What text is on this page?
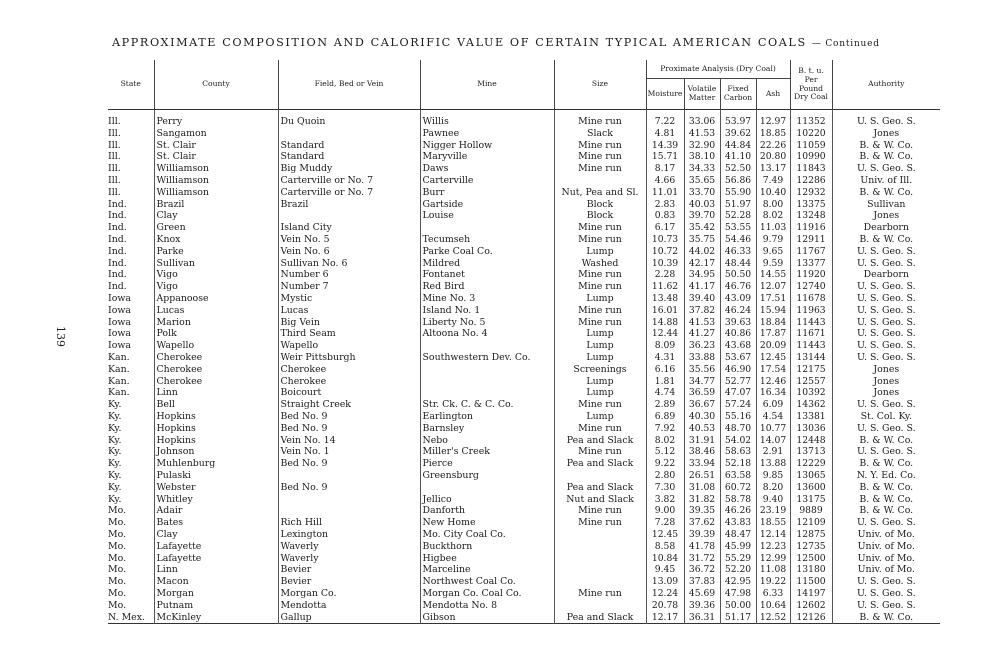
APPROXIMATE COMPOSITION AND CALORIFIC VALUE OF CERTAIN TYPICAL AMERICAN COALS — Continued
139
State	County	Field, Bed or Vein	Mine	Size	Proximate Analysis (Dry Coal)				B. t. u. Per Pound Dry Coal	Authority
					Moisture	Volatile Matter	Fixed Carbon	Ash		
Ill.	Perry	Du Quoin	Willis	Mine run	7.22	33.06	53.97	12.97	11352	U. S. Geo. S.
Ill.	Sangamon		Pawnee	Slack	4.81	41.53	39.62	18.85	10220	Jones
Ill.	St. Clair	Standard	Nigger Hollow	Mine run	14.39	32.90	44.84	22.26	11059	B. & W. Co.
Ill.	St. Clair	Standard	Maryville	Mine run	15.71	38.10	41.10	20.80	10990	B. & W. Co.
Ill.	Williamson	Big Muddy	Daws	Mine run	8.17	34.33	52.50	13.17	11843	U. S. Geo. S.
Ill.	Williamson	Carterville or No. 7	Carterville		4.66	35.65	56.86	7.49	12286	Univ. of Ill.
Ill.	Williamson	Carterville or No. 7	Burr	Nut, Pea and Sl.	11.01	33.70	55.90	10.40	12932	B. & W. Co.
Ind.	Brazil	Brazil	Gartside	Block	2.83	40.03	51.97	8.00	13375	Sullivan
Ind.	Clay		Louise	Block	0.83	39.70	52.28	8.02	13248	Jones
Ind.	Green	Island City		Mine run	6.17	35.42	53.55	11.03	11916	Dearborn
Ind.	Knox	Vein No. 5	Tecumseh	Mine run	10.73	35.75	54.46	9.79	12911	B. & W. Co.
Ind.	Parke	Vein No. 6	Parke Coal Co.	Lump	10.72	44.02	46.33	9.65	11767	U. S. Geo. S.
Ind.	Sullivan	Sullivan No. 6	Mildred	Washed	10.39	42.17	48.44	9.59	13377	U. S. Geo. S.
Ind.	Vigo	Number 6	Fontanet	Mine run	2.28	34.95	50.50	14.55	11920	Dearborn
Ind.	Vigo	Number 7	Red Bird	Mine run	11.62	41.17	46.76	12.07	12740	U. S. Geo. S.
Iowa	Appanoose	Mystic	Mine No. 3	Lump	13.48	39.40	43.09	17.51	11678	U. S. Geo. S.
Iowa	Lucas	Lucas	Island No. 1	Mine run	16.01	37.82	46.24	15.94	11963	U. S. Geo. S.
Iowa	Marion	Big Vein	Liberty No. 5	Mine run	14.88	41.53	39.63	18.84	11443	U. S. Geo. S.
Iowa	Polk	Third Seam	Altoona No. 4	Lump	12.44	41.27	40.86	17.87	11671	U. S. Geo. S.
Iowa	Wapello	Wapello		Lump	8.09	36.23	43.68	20.09	11443	U. S. Geo. S.
Kan.	Cherokee	Weir Pittsburgh	Southwestern Dev. Co.	Lump	4.31	33.88	53.67	12.45	13144	U. S. Geo. S.
Kan.	Cherokee	Cherokee		Screenings	6.16	35.56	46.90	17.54	12175	Jones
Kan.	Cherokee	Cherokee		Lump	1.81	34.77	52.77	12.46	12557	Jones
Kan.	Linn	Boicourt		Lump	4.74	36.59	47.07	16.34	10392	Jones
Ky.	Bell	Straight Creek	Str. Ck. C. & C. Co.	Mine run	2.89	36.67	57.24	6.09	14362	U. S. Geo. S.
Ky.	Hopkins	Bed No. 9	Earlington	Lump	6.89	40.30	55.16	4.54	13381	St. Col. Ky.
Ky.	Hopkins	Bed No. 9	Barnsley	Mine run	7.92	40.53	48.70	10.77	13036	U. S. Geo. S.
Ky.	Hopkins	Vein No. 14	Nebo	Pea and Slack	8.02	31.91	54.02	14.07	12448	B. & W. Co.
Ky.	Johnson	Vein No. 1	Miller's Creek	Mine run	5.12	38.46	58.63	2.91	13713	U. S. Geo. S.
Ky.	Muhlenburg	Bed No. 9	Pierce	Pea and Slack	9.22	33.94	52.18	13.88	12229	B. & W. Co.
Ky.	Pulaski		Greensburg		2.80	26.51	63.58	9.85	13065	N. Y. Ed. Co.
Ky.	Webster	Bed No. 9		Pea and Slack	7.30	31.08	60.72	8.20	13600	B. & W. Co.
Ky.	Whitley		Jellico	Nut and Slack	3.82	31.82	58.78	9.40	13175	B. & W. Co.
Mo.	Adair		Danforth	Mine run	9.00	39.35	46.26	23.19	9889	B. & W. Co.
Mo.	Bates	Rich Hill	New Home	Mine run	7.28	37.62	43.83	18.55	12109	U. S. Geo. S.
Mo.	Clay	Lexington	Mo. City Coal Co.		12.45	39.39	48.47	12.14	12875	Univ. of Mo.
Mo.	Lafayette	Waverly	Buckthorn		8.58	41.78	45.99	12.23	12735	Univ. of Mo.
Mo.	Lafayette	Waverly	Higbee		10.84	31.72	55.29	12.99	12500	Univ. of Mo.
Mo.	Linn	Bevier	Marceline		9.45	36.72	52.20	11.08	13180	Univ. of Mo.
Mo.	Macon	Bevier	Northwest Coal Co.		13.09	37.83	42.95	19.22	11500	U. S. Geo. S.
Mo.	Morgan	Morgan Co.	Morgan Co. Coal Co.	Mine run	12.24	45.69	47.98	6.33	14197	U. S. Geo. S.
Mo.	Putnam	Mendotta	Mendotta No. 8		20.78	39.36	50.00	10.64	12602	U. S. Geo. S.
N. Mex.	McKinley	Gallup	Gibson	Pea and Slack	12.17	36.31	51.17	12.52	12126	B. & W. Co.
